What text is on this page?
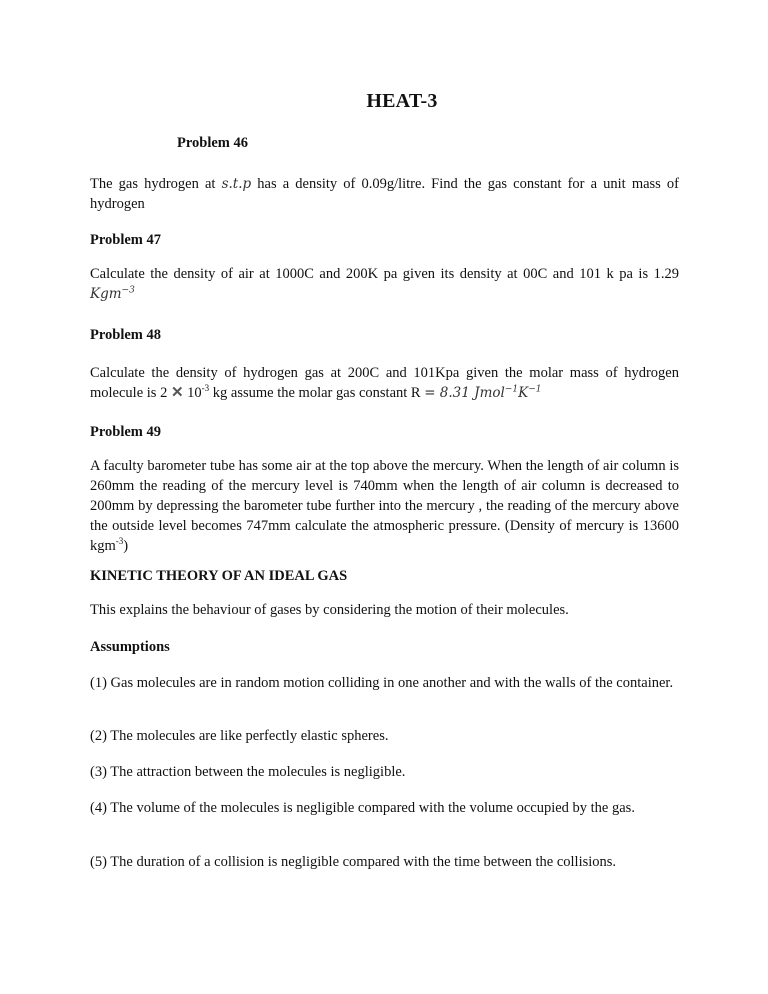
HEAT-3
Problem 46
The gas hydrogen at s.t.p has a density of 0.09g/litre. Find the gas constant for a unit mass of hydrogen
Problem 47
Calculate the density of air at 1000C and 200K pa given its density at 00C and 101 k pa is 1.29 Kgm$^{-3}$
Problem 48
Calculate the density of hydrogen gas at 200C and 101Kpa given the molar mass of hydrogen molecule is 2 ✕ $10^{-3}$ kg assume the molar gas constant R = 8.31 $Jmol^{-1}K^{-1}$
Problem 49
A faculty barometer tube has some air at the top above the mercury. When the length of air column is 260mm the reading of the mercury level is 740mm when the length of air column is decreased to 200mm by depressing the barometer tube further into the mercury , the reading of the mercury above the outside level becomes 747mm calculate the atmospheric pressure. (Density of mercury is 13600 kgm$^{-3}$)
KINETIC THEORY OF AN IDEAL GAS
This explains the behaviour of gases by considering the motion of their molecules.
Assumptions
(1) Gas molecules are in random motion colliding in one another and with the walls of the container.
(2) The molecules are like perfectly elastic spheres.
(3) The attraction between the molecules is negligible.
(4) The volume of the molecules is negligible compared with the volume occupied by the gas.
(5) The duration of a collision is negligible compared with the time between the collisions.
